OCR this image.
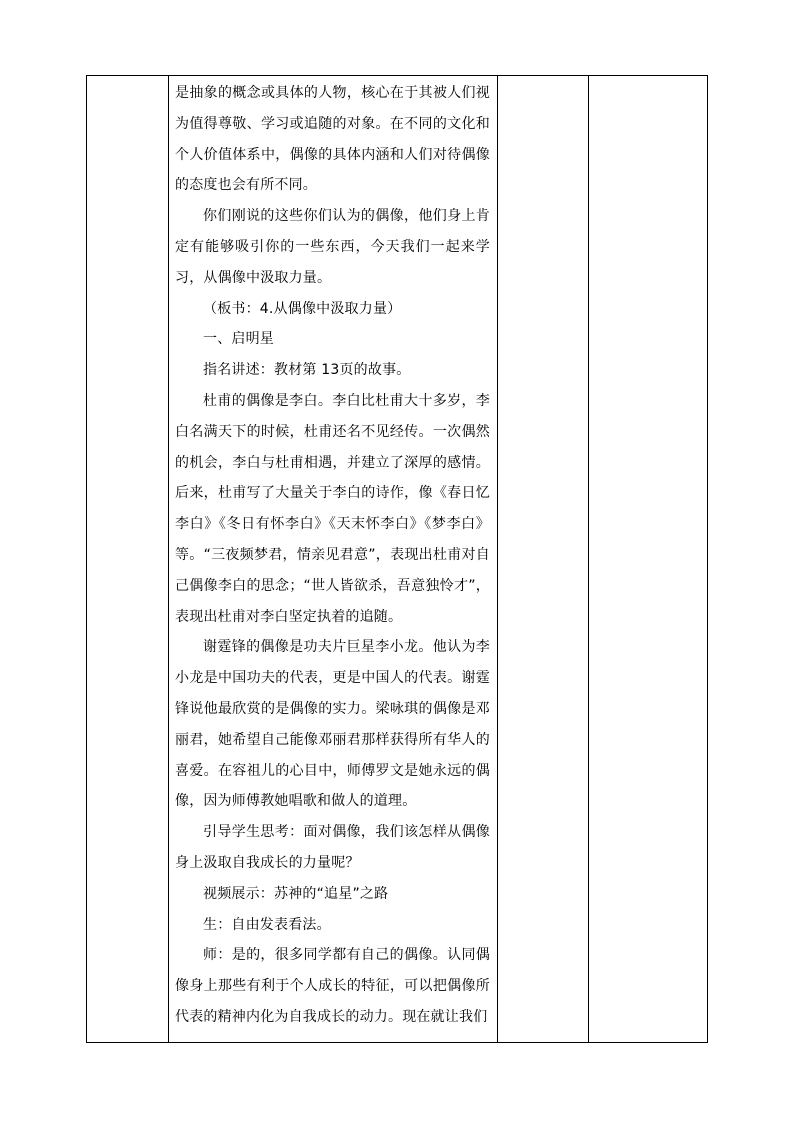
是抽象的概念或具体的人物，核心在于其被人们视为值得尊敬、学习或追随的对象。在不同的文化和个人价值体系中，偶像的具体内涵和人们对待偶像的态度也会有所不同。

你们刚说的这些你们认为的偶像，他们身上肯定有能够吸引你的一些东西，今天我们一起来学习，从偶像中汲取力量。

（板书：4.从偶像中汲取力量）

一、启明星

指名讲述：教材第 13页的故事。

杜甫的偶像是李白。李白比杜甫大十多岁，李白名满天下的时候，杜甫还名不见经传。一次偶然的机会，李白与杜甫相遇，并建立了深厚的感情。后来，杜甫写了大量关于李白的诗作，像《春日忆李白》《冬日有怀李白》《天末怀李白》《梦李白》等。“三夜频梦君，情亲见君意”，表现出杜甫对自己偶像李白的思念；“世人皆欲杀，吾意独怜才”，表现出杜甫对李白坚定执着的追随。

谢霆锋的偶像是功夫片巨星李小龙。他认为李小龙是中国功夫的代表，更是中国人的代表。谢霆锋说他最欣赏的是偶像的实力。梁咏琪的偶像是邓丽君，她希望自己能像邓丽君那样获得所有华人的喜爱。在容祖儿的心目中，师傅罗文是她永远的偶像，因为师傅教她唱歌和做人的道理。

引导学生思考：面对偶像，我们该怎样从偶像身上汲取自我成长的力量呢？

视频展示：苏神的“追星”之路

生：自由发表看法。

师：是的，很多同学都有自己的偶像。认同偶像身上那些有利于个人成长的特征，可以把偶像所代表的精神内化为自我成长的动力。现在就让我们
